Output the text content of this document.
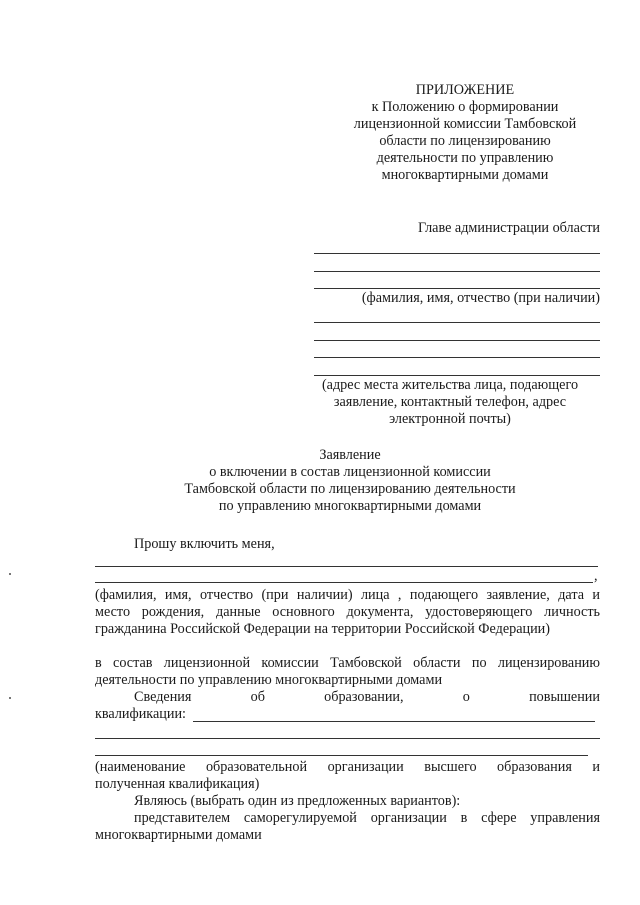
ПРИЛОЖЕНИЕ
к Положению о формировании
лицензионной комиссии Тамбовской
области по лицензированию
деятельности по управлению
многоквартирными домами
Главе администрации области
(фамилия, имя, отчество (при наличии)
(адрес места жительства лица, подающего
заявление, контактный телефон, адрес
электронной почты)
Заявление
о включении в состав лицензионной комиссии
Тамбовской области по лицензированию деятельности
по управлению многоквартирными домами
Прошу включить меня,
,
(фамилия, имя, отчество (при наличии) лица , подающего заявление, дата и
место рождения, данные основного документа, удостоверяющего личность
гражданина Российской Федерации на территории Российской Федерации)
в состав лицензионной комиссии Тамбовской области по лицензированию
деятельности по управлению многоквартирными домами
Сведения об образовании, о повышении
квалификации:
(наименование образовательной организации высшего образования и
полученная квалификация)
Являюсь (выбрать один из предложенных вариантов):
представителем саморегулируемой организации в сфере управления
многоквартирными домами
